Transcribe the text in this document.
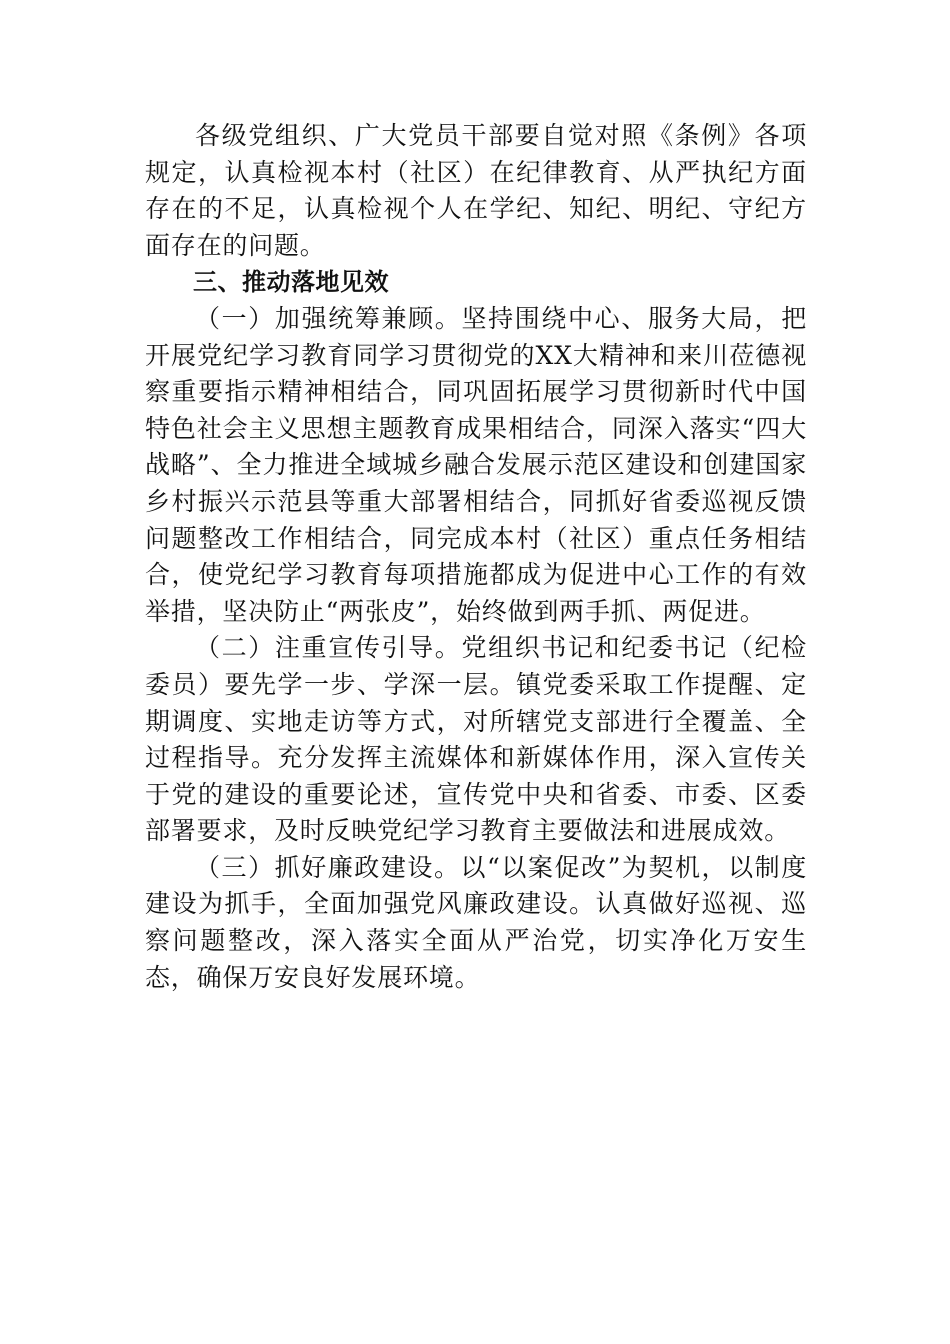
各级党组织、广大党员干部要自觉对照《条例》各项规定，认真检视本村（社区）在纪律教育、从严执纪方面存在的不足，认真检视个人在学纪、知纪、明纪、守纪方面存在的问题。

三、推动落地见效

（一）加强统筹兼顾。坚持围绕中心、服务大局，把开展党纪学习教育同学习贯彻党的XX大精神和来川莅德视察重要指示精神相结合，同巩固拓展学习贯彻新时代中国特色社会主义思想主题教育成果相结合，同深入落实“四大战略”、全力推进全域城乡融合发展示范区建设和创建国家乡村振兴示范县等重大部署相结合，同抓好省委巡视反馈问题整改工作相结合，同完成本村（社区）重点任务相结合，使党纪学习教育每项措施都成为促进中心工作的有效举措，坚决防止“两张皮”，始终做到两手抓、两促进。

（二）注重宣传引导。党组织书记和纪委书记（纪检委员）要先学一步、学深一层。镇党委采取工作提醒、定期调度、实地走访等方式，对所辖党支部进行全覆盖、全过程指导。充分发挥主流媒体和新媒体作用，深入宣传关于党的建设的重要论述，宣传党中央和省委、市委、区委部署要求，及时反映党纪学习教育主要做法和进展成效。

（三）抓好廉政建设。以“以案促改”为契机，以制度建设为抓手，全面加强党风廉政建设。认真做好巡视、巡察问题整改，深入落实全面从严治党，切实净化万安生态，确保万安良好发展环境。
